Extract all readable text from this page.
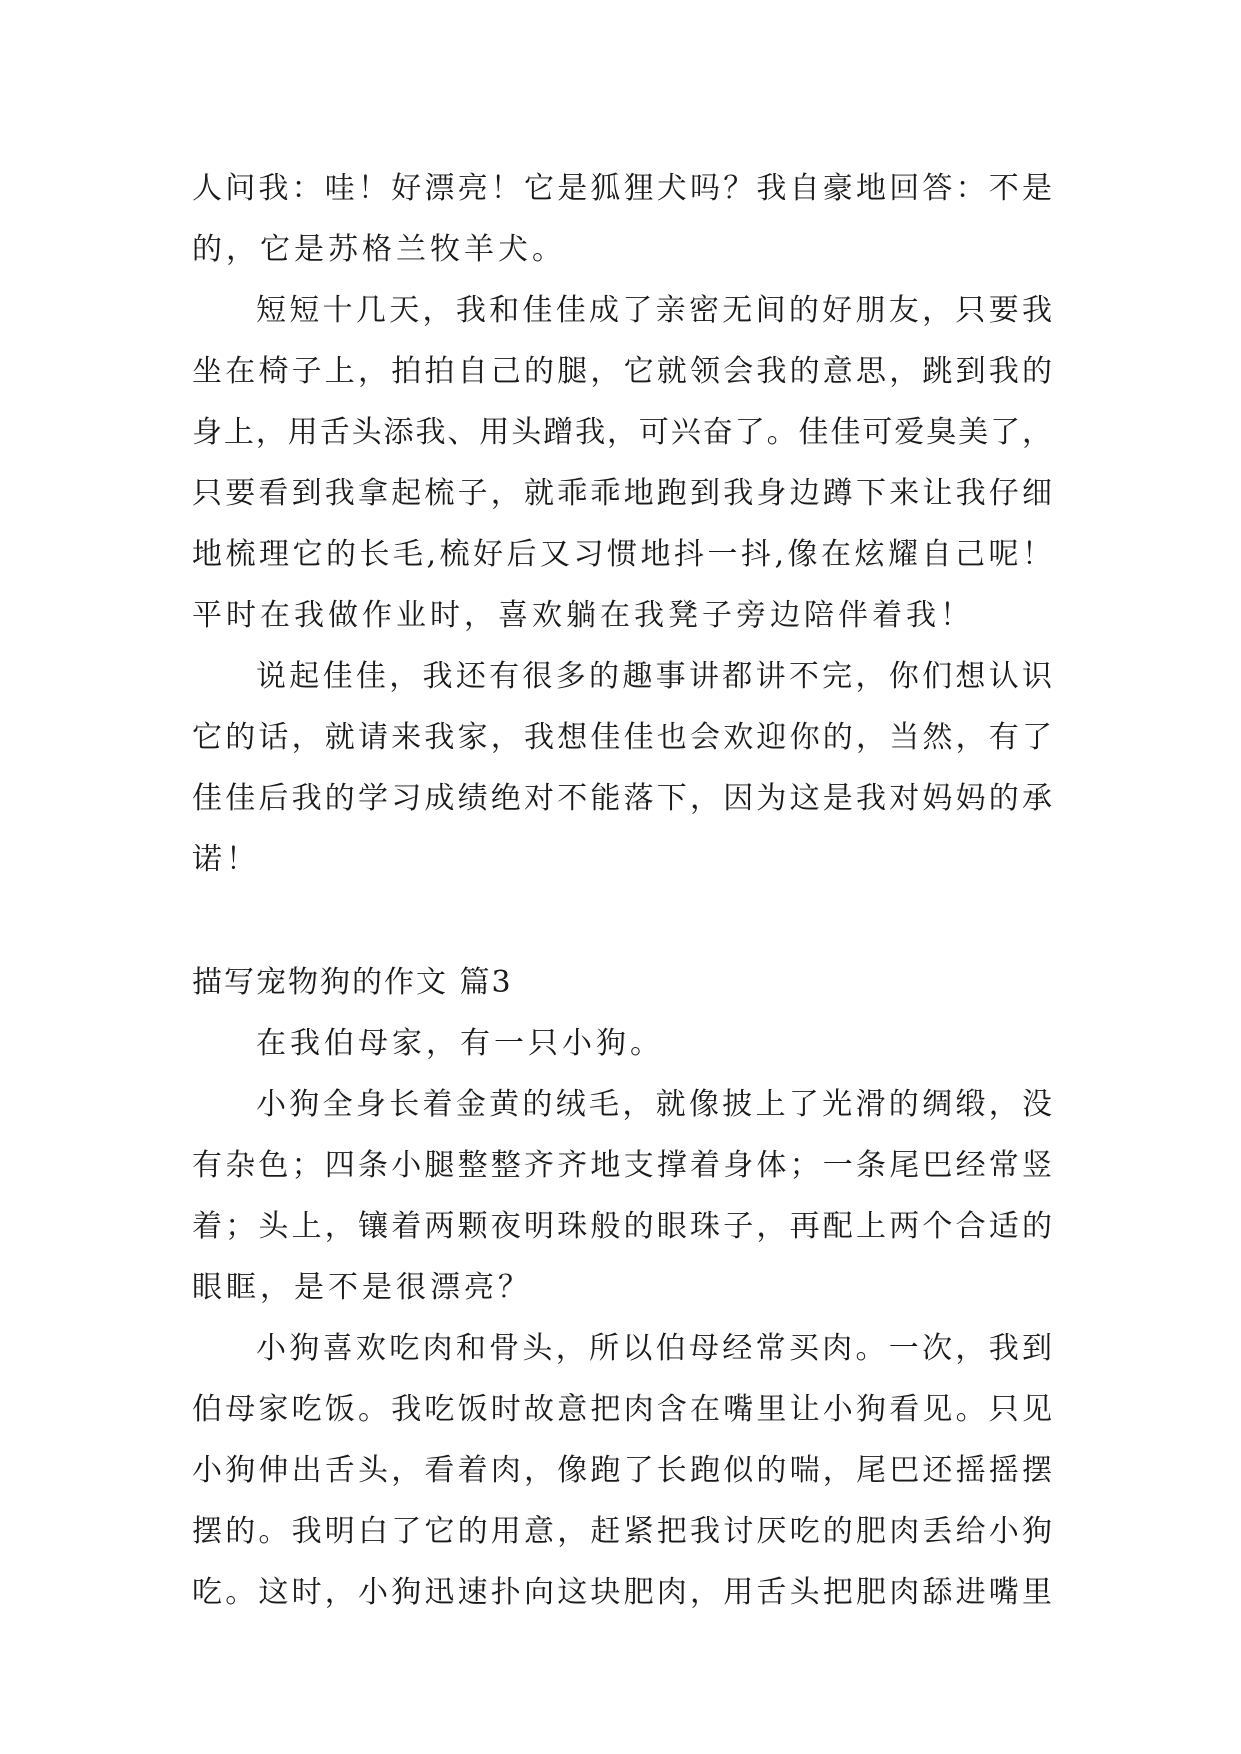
人问我：哇！好漂亮！它是狐狸犬吗？我自豪地回答：不是
的，它是苏格兰牧羊犬。
短短十几天，我和佳佳成了亲密无间的好朋友，只要我
坐在椅子上，拍拍自己的腿，它就领会我的意思，跳到我的
身上，用舌头添我、用头蹭我，可兴奋了。佳佳可爱臭美了，
只要看到我拿起梳子，就乖乖地跑到我身边蹲下来让我仔细
地梳理它的长毛,梳好后又习惯地抖一抖,像在炫耀自己呢！
平时在我做作业时，喜欢躺在我凳子旁边陪伴着我！
说起佳佳，我还有很多的趣事讲都讲不完，你们想认识
它的话，就请来我家，我想佳佳也会欢迎你的，当然，有了
佳佳后我的学习成绩绝对不能落下，因为这是我对妈妈的承
诺！
描写宠物狗的作文 篇3
在我伯母家，有一只小狗。
小狗全身长着金黄的绒毛，就像披上了光滑的绸缎，没
有杂色；四条小腿整整齐齐地支撑着身体；一条尾巴经常竖
着；头上，镶着两颗夜明珠般的眼珠子，再配上两个合适的
眼眶，是不是很漂亮？
小狗喜欢吃肉和骨头，所以伯母经常买肉。一次，我到
伯母家吃饭。我吃饭时故意把肉含在嘴里让小狗看见。只见
小狗伸出舌头，看着肉，像跑了长跑似的喘，尾巴还摇摇摆
摆的。我明白了它的用意，赶紧把我讨厌吃的肥肉丢给小狗
吃。这时，小狗迅速扑向这块肥肉，用舌头把肥肉舔进嘴里
